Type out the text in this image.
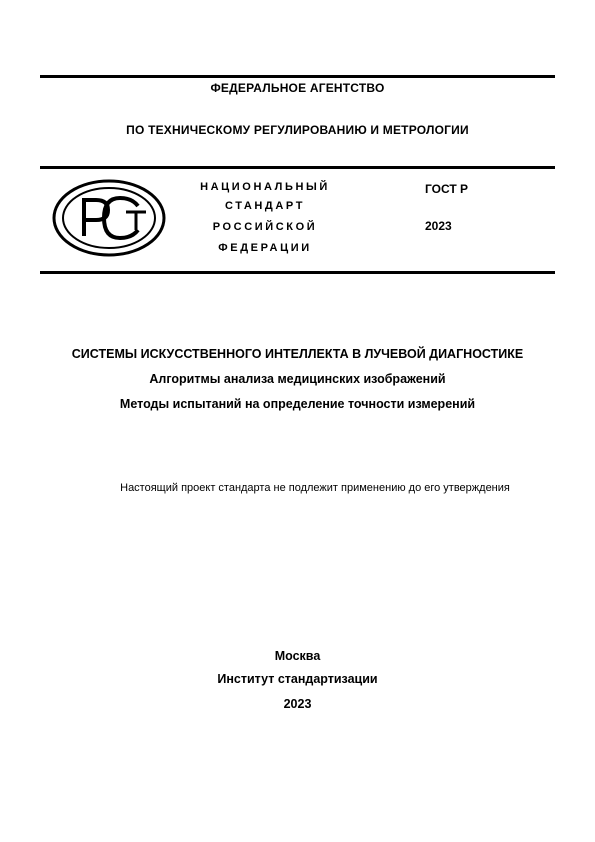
ФЕДЕРАЛЬНОЕ АГЕНТСТВО
ПО ТЕХНИЧЕСКОМУ РЕГУЛИРОВАНИЮ И МЕТРОЛОГИИ
НАЦИОНАЛЬНЫЙ
СТАНДАРТ
РОССИЙСКОЙ
ФЕДЕРАЦИИ
ГОСТ Р
2023
СИСТЕМЫ ИСКУССТВЕННОГО ИНТЕЛЛЕКТА В ЛУЧЕВОЙ ДИАГНОСТИКЕ
Алгоритмы анализа медицинских изображений
Методы испытаний на определение точности измерений
Настоящий проект стандарта не подлежит применению до его утверждения
Москва
Институт стандартизации
2023
